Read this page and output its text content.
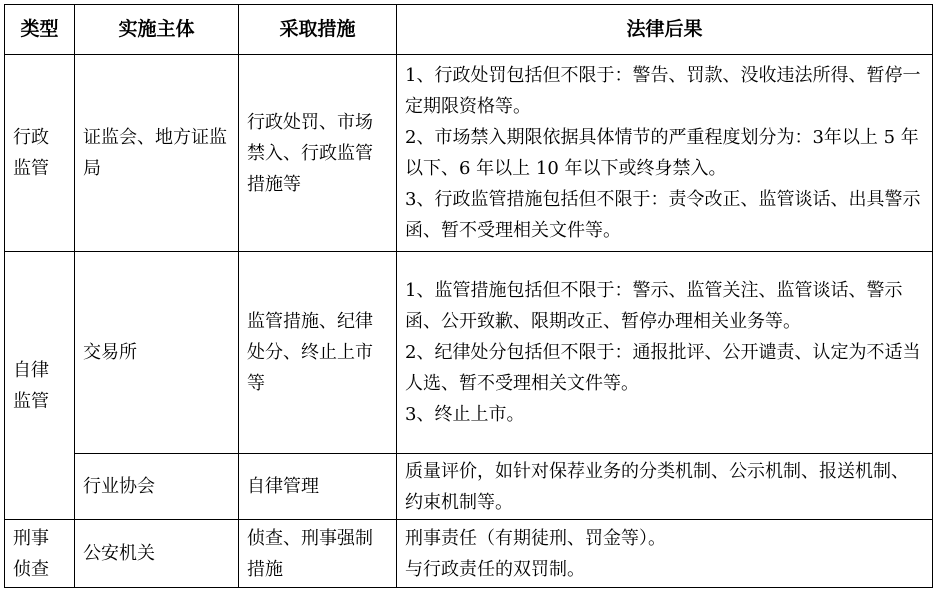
类型	实施主体	采取措施	法律后果
行政监管	证监会、地方证监局	行政处罚、市场禁入、行政监管措施等	1、行政处罚包括但不限于：警告、罚款、没收违法所得、暂停一定期限资格等。
2、市场禁入期限依据具体情节的严重程度划分为：3年以上 5 年以下、6 年以上 10 年以下或终身禁入。
3、行政监管措施包括但不限于：责令改正、监管谈话、出具警示函、暂不受理相关文件等。

自律监管	交易所	监管措施、纪律处分、终止上市等	1、监管措施包括但不限于：警示、监管关注、监管谈话、警示函、公开致歉、限期改正、暂停办理相关业务等。
2、纪律处分包括但不限于：通报批评、公开谴责、认定为不适当人选、暂不受理相关文件等。
3、终止上市。

	行业协会	自律管理	质量评价，如针对保荐业务的分类机制、公示机制、报送机制、约束机制等。

刑事侦查	公安机关	侦查、刑事强制措施	刑事责任（有期徒刑、罚金等）。
与行政责任的双罚制。
